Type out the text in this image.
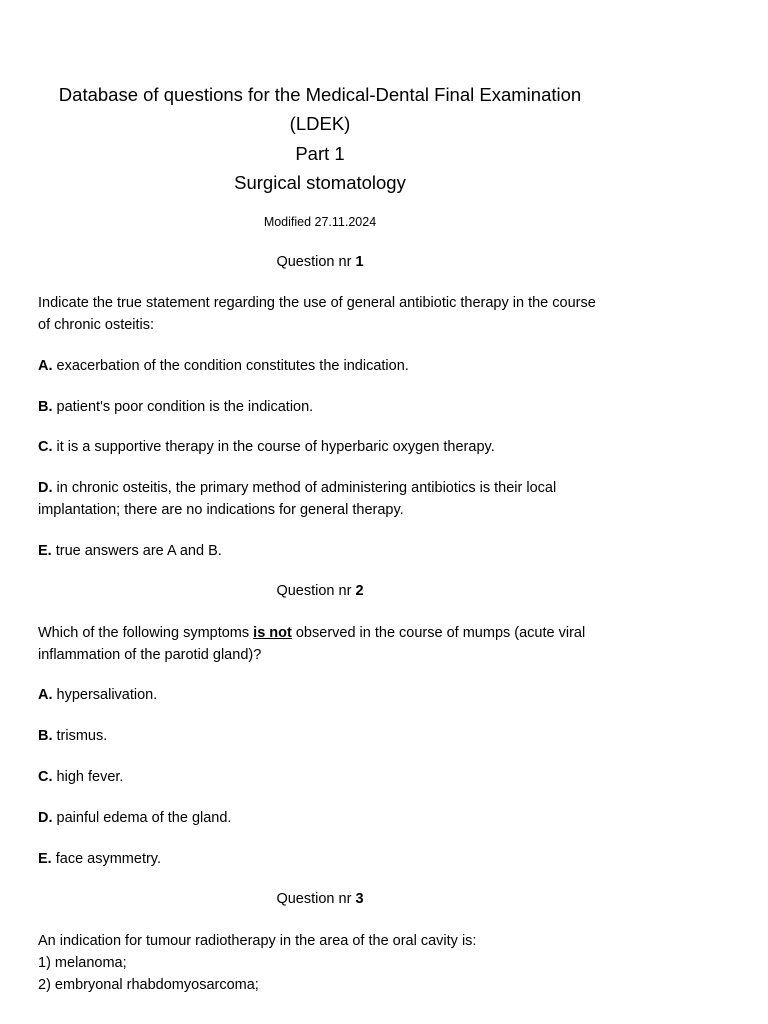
Database of questions for the Medical-Dental Final Examination
(LDEK)
Part 1
Surgical stomatology
Modified 27.11.2024
Question nr 1
Indicate the true statement regarding the use of general antibiotic therapy in the course of chronic osteitis:
A. exacerbation of the condition constitutes the indication.
B. patient's poor condition is the indication.
C. it is a supportive therapy in the course of hyperbaric oxygen therapy.
D. in chronic osteitis, the primary method of administering antibiotics is their local implantation; there are no indications for general therapy.
E. true answers are A and B.
Question nr 2
Which of the following symptoms is not observed in the course of mumps (acute viral inflammation of the parotid gland)?
A. hypersalivation.
B. trismus.
C. high fever.
D. painful edema of the gland.
E. face asymmetry.
Question nr 3
An indication for tumour radiotherapy in the area of the oral cavity is:
1) melanoma;
2) embryonal rhabdomyosarcoma;
